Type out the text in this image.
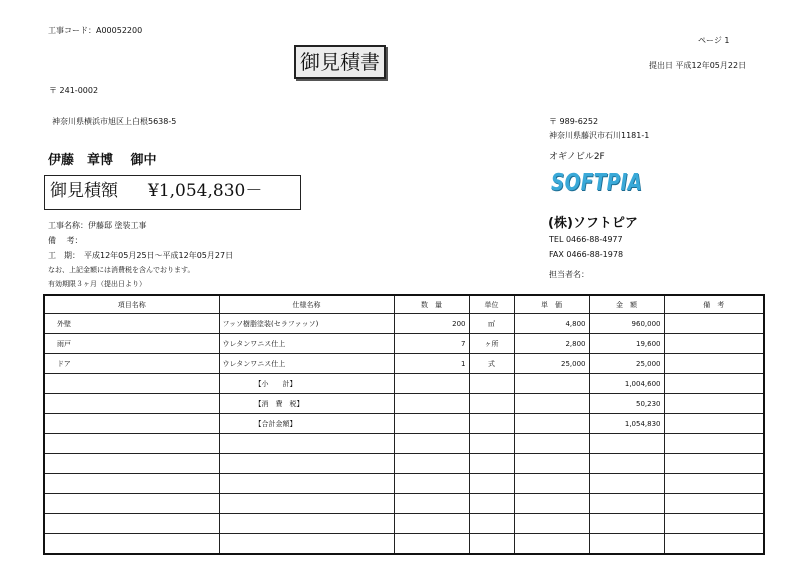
工事コード：A00052200
ページ 1
御見積書	提出日 平成12年05月22日
〒 241-0002
神奈川県横浜市旭区上白根5638-5
伊藤　章博　 御中
御見積額 ¥1,054,830－
工事名称：伊藤邸 塗装工事
備　 考：
工　期：　平成12年05月25日～平成12年05月27日
なお、上記金額には消費税を含んでおります。
有効期限３ヶ月（提出日より）
〒 989-6252
神奈川県藤沢市石川1181-1
オギノビル2F
SOFTPIA
(株)ソフトピア
TEL 0466-88-4977
FAX 0466-88-1978
担当者名：
項目名称	仕様名称	数　量	単位	単　価	金　額	備　考
外壁	フッソ樹脂塗装(セラファッソ)	200	㎡	4,800	960,000	
雨戸	ウレタンワニス仕上	7	ヶ所	2,800	19,600	
ドア	ウレタンワニス仕上	1	式	25,000	25,000	
	【小　　計】				1,004,600	
	【消　費　税】				50,230	
	【合計金額】				1,054,830	
